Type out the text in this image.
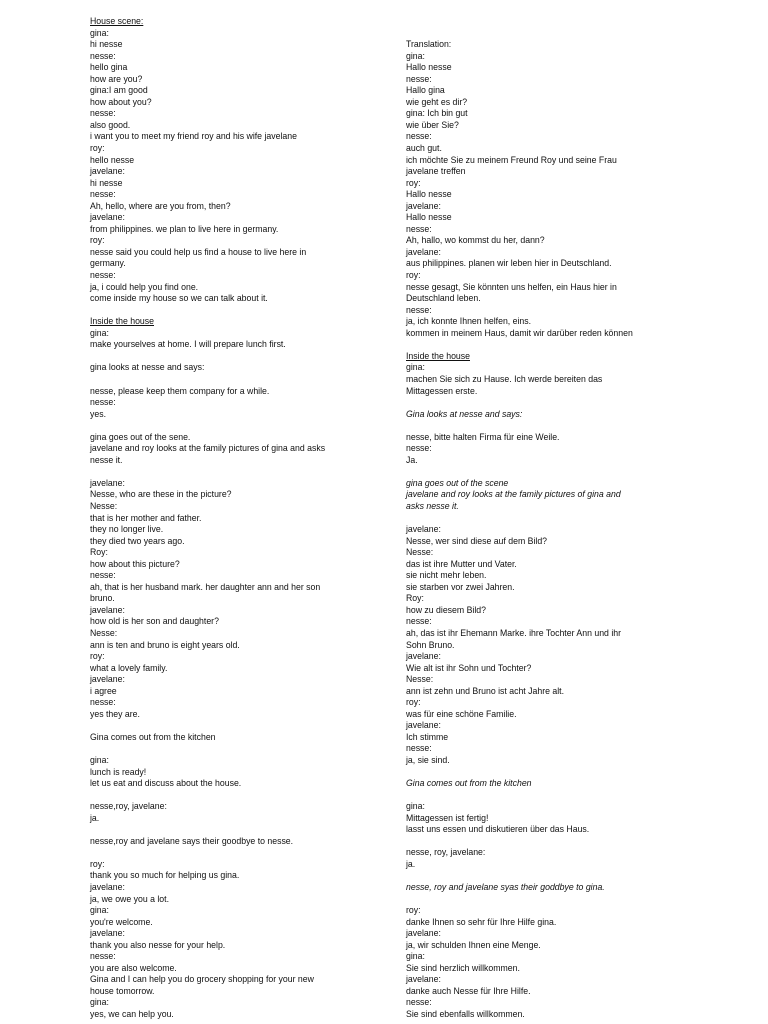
House scene:
gina:
hi nesse
nesse:
hello gina
how are you?
gina:I am good
how about you?
nesse:
also good.
i want you to meet my friend roy and his wife javelane
roy:
hello nesse
javelane:
hi nesse
nesse:
Ah, hello, where are you from, then?
javelane:
from philippines. we plan to live here in germany.
roy:
nesse said you could help us find a house to live here in
germany.
nesse:
ja, i could help you find one.
come inside my house so we can talk about it.
Inside the house
gina:
make yourselves at home. I will prepare lunch first.
gina looks at nesse and says:
nesse, please keep them company for a while.
nesse:
yes.
gina goes out of the sene.
javelane and roy looks at the family pictures of gina and asks
nesse it.
javelane:
Nesse, who are these in the picture?
Nesse:
that is her mother and father.
they no longer live.
they died two years ago.
Roy:
how about this picture?
nesse:
ah, that is her husband mark. her daughter ann and her son
bruno.
javelane:
how old is her son and daughter?
Nesse:
ann is ten and bruno is eight years old.
roy:
what a lovely family.
javelane:
i agree
nesse:
yes they are.
Gina comes out from the kitchen
gina:
lunch is ready!
let us eat and discuss about the house.
nesse,roy, javelane:
ja.
nesse,roy and javelane says their goodbye to nesse.
roy:
thank you so much for helping us gina.
javelane:
ja, we owe you a lot.
gina:
you're welcome.
javelane:
thank you also nesse for your help.
nesse:
you are also welcome.
Gina and I can help you do grocery shopping for your new
house tomorrow.
gina:
yes, we can help you.
Translation:
gina:
Hallo nesse
nesse:
Hallo gina
wie geht es dir?
gina: Ich bin gut
wie über Sie?
nesse:
auch gut.
ich möchte Sie zu meinem Freund Roy und seine Frau
javelane treffen
roy:
Hallo nesse
javelane:
Hallo nesse
nesse:
Ah, hallo, wo kommst du her, dann?
javelane:
aus philippines. planen wir leben hier in Deutschland.
roy:
nesse gesagt, Sie könnten uns helfen, ein Haus hier in
Deutschland leben.
nesse:
ja, ich konnte Ihnen helfen, eins.
kommen in meinem Haus, damit wir darüber reden können
Inside the house
gina:
machen Sie sich zu Hause. Ich werde bereiten das
Mittagessen erste.
Gina looks at nesse and says:
nesse, bitte halten Firma für eine Weile.
nesse:
Ja.
gina goes out of the scene
javelane and roy looks at the family pictures of gina and
asks nesse it.
javelane:
Nesse, wer sind diese auf dem Bild?
Nesse:
das ist ihre Mutter und Vater.
sie nicht mehr leben.
sie starben vor zwei Jahren.
Roy:
how zu diesem Bild?
nesse:
ah, das ist ihr Ehemann Marke. ihre Tochter Ann und ihr
Sohn Bruno.
javelane:
Wie alt ist ihr Sohn und Tochter?
Nesse:
ann ist zehn und Bruno ist acht Jahre alt.
roy:
was für eine schöne Familie.
javelane:
Ich stimme
nesse:
ja, sie sind.
Gina comes out from the kitchen
gina:
Mittagessen ist fertig!
lasst uns essen und diskutieren über das Haus.
nesse, roy, javelane:
ja.
nesse, roy and javelane syas their goddbye to gina.
roy:
danke Ihnen so sehr für Ihre Hilfe gina.
javelane:
ja, wir schulden Ihnen eine Menge.
gina:
Sie sind herzlich willkommen.
javelane:
danke auch Nesse für Ihre Hilfe.
nesse:
Sie sind ebenfalls willkommen.
